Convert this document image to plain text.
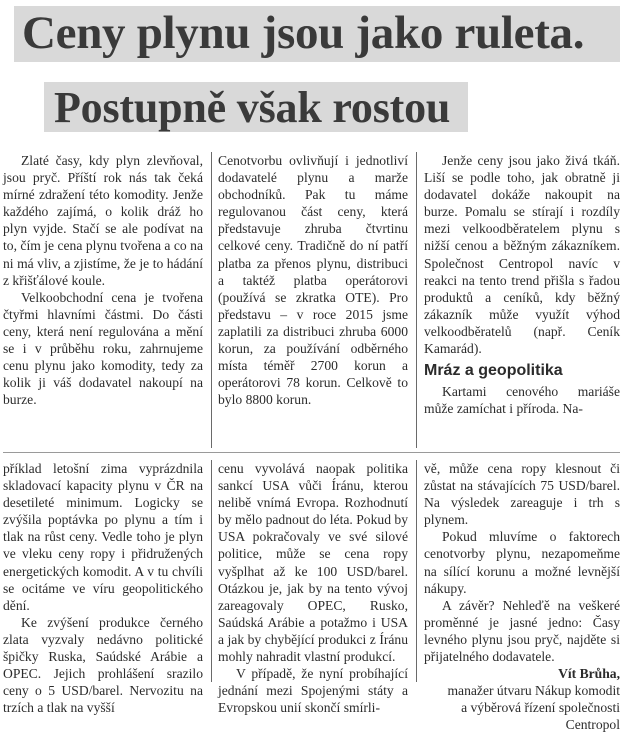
Ceny plynu jsou jako ruleta.
Postupně však rostou

Zlaté časy, kdy plyn zlevňoval, jsou pryč. Příští rok nás tak čeká mírné zdražení této komodity. Jenže každého zajímá, o kolik dráž ho plyn vyjde. Stačí se ale podívat na to, čím je cena plynu tvořena a co na ni má vliv, a zjistíme, že je to hádání z křišťálové koule.

Velkoobchodní cena je tvořena čtyřmi hlavními částmi. Do části ceny, která není regulována a mění se i v průběhu roku, zahrnujeme cenu plynu jako komodity, tedy za kolik ji váš dodavatel nakoupí na burze.

Cenotvorbu ovlivňují i jednotliví dodavatelé plynu a marže obchodníků. Pak tu máme regulovanou část ceny, která představuje zhruba čtvrtinu celkové ceny. Tradičně do ní patří platba za přenos plynu, distribuci a taktéž platba operátorovi (používá se zkratka OTE). Pro představu – v roce 2015 jsme zaplatili za distribuci zhruba 6000 korun, za používání odběrného místa téměř 2700 korun a operátorovi 78 korun. Celkově to bylo 8800 korun.

Jenže ceny jsou jako živá tkáň. Liší se podle toho, jak obratně ji dodavatel dokáže nakoupit na burze. Pomalu se stírají i rozdíly mezi velkoodběratelem plynu s nižší cenou a běžným zákazníkem. Společnost Centropol navíc v reakci na tento trend přišla s řadou produktů a ceníků, kdy běžný zákazník může využít výhod velkoodběratelů (např. Ceník Kamarád).

Mráz a geopolitika

Kartami cenového mariáše může zamíchat i příroda. Na-

příklad letošní zima vyprázdnila skladovací kapacity plynu v ČR na desetileté minimum. Logicky se zvýšila poptávka po plynu a tím i tlak na růst ceny. Vedle toho je plyn ve vleku ceny ropy i přidružených energetických komodit. A v tu chvíli se ocitáme ve víru geopolitického dění.

Ke zvýšení produkce černého zlata vyzvaly nedávno politické špičky Ruska, Saúdské Arábie a OPEC. Jejich prohlášení srazilo ceny o 5 USD/barel. Nervozitu na trzích a tlak na vyšší

cenu vyvolává naopak politika sankcí USA vůči Íránu, kterou nelibě vnímá Evropa. Rozhodnutí by mělo padnout do léta. Pokud by USA pokračovaly ve své silové politice, může se cena ropy vyšplhat až ke 100 USD/barel. Otázkou je, jak by na tento vývoj zareagovaly OPEC, Rusko, Saúdská Arábie a potažmo i USA a jak by chybějící produkci z Íránu mohly nahradit vlastní produkcí.

V případě, že nyní probíhající jednání mezi Spojenými státy a Evropskou unií skončí smírli-

vě, může cena ropy klesnout či zůstat na stávajících 75 USD/barel. Na výsledek zareaguje i trh s plynem.

Pokud mluvíme o faktorech cenotvorby plynu, nezapomeňme na sílící korunu a možné levnější nákupy.

A závěr? Nehleďě na veškeré proměnné je jasné jedno: Časy levného plynu jsou pryč, najděte si přijatelného dodavatele.

Vít Brůha,

manažer útvaru Nákup komodit

a výběrová řízení společnosti

Centropol
